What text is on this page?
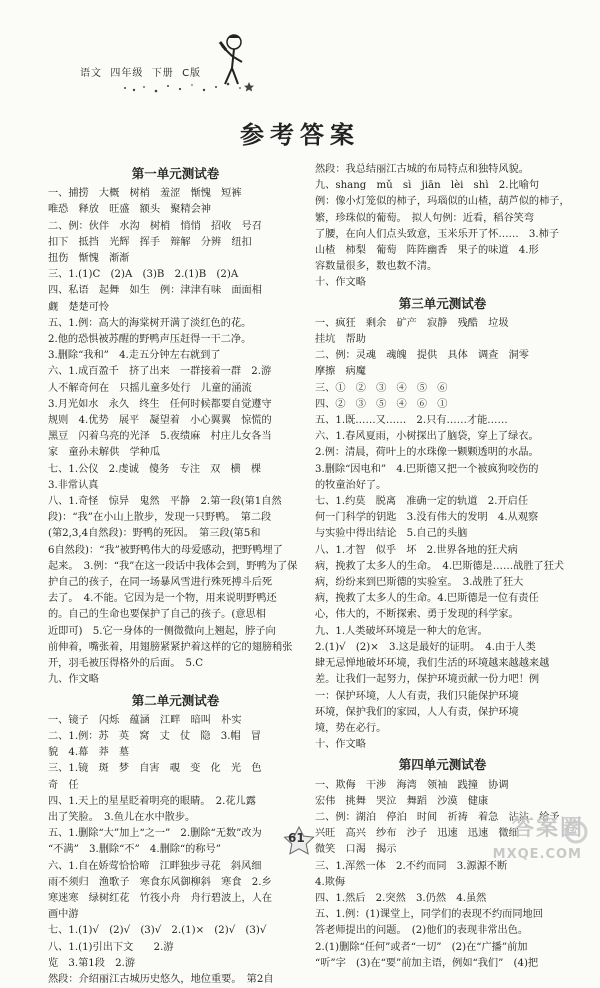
语文 四年级 下册 C版
参考答案
第一单元测试卷
一、捕捞　大概　树梢　羞涩　惭愧　短裤
唯恐　释放　旺盛　额头　聚精会神
二、例：伙伴　水沟　树梢　悄悄　招收　号召
扣下　抵挡　光辉　挥手　辩解　分辨　纽扣
扭伤　惭愧　渐渐
三、1.(1)C　(2)A　(3)B　2.(1)B　(2)A
四、私语　起舞　如生　例：津津有味　面面相
觑　楚楚可怜
五、1.例：高大的海棠树开满了淡红色的花。
2.他的恐惧被苏醒的野鸭声压赶得一干二净。
3.删除“我和”　4.走五分钟左右就到了
六、1.成百盈千　挤了出来　一群接着一群　2.游
人不解奇何在　只摇儿童多处行　儿童的涌流
3.月光如水　永久　终生　任何时候都要自觉遵守
规则　4.优势　展平　凝望着　小心翼翼　惊慌的
黑豆　闪着乌亮的光泽　5.夜绩麻　村庄儿女各当
家　童孙未解供　学种瓜
七、1.公仪　2.虔诚　傻务　专注　双　横　棵
3.非常认真
八、1.奇怪　惊异　鬼然　平静　2.第一段(第1自然
段)：“我”在小山上散步，发现一只野鸭。　第二段
(第2,3,4自然段)：野鸭的死因。　第三段(第5和
6自然段)：“我”被野鸭伟大的母爱感动，把野鸭埋了
起来。　3.例：“我”在这一段话中我体会到，野鸭为了保
护自己的孩子，在同一场暴风雪进行殊死搏斗后死
去了。　4.不能。它因为是一个物，用来说明野鸭还
的。自己的生命也要保护了自己的孩子。(意思相
近即可)　5.它一身体的一侧微微向上翘起，脖子向
前伸着，嘴张着，用翅膀紧紧护着这样的它的翅膀稍张
开，羽毛被压得格外的后面。　5.C
九、作文略
第二单元测试卷
一、镜子　闪烁　蕴涵　江畔　暗叫　朴实
二、1.例：苏　英　窝　丈　仗　隐　3.帽　冒
貌　4.幕　莽　墓
三、1.镜　斑　梦　自害　覗　变　化　光　色
奇　任
四、1.天上的星星眨着明亮的眼睛。　2.花儿露
出了笑脸。　3.鱼儿在水中散步。
五、1.删除“大”加上“之一”　2.删除“无数”改为
“不满”　3.删除“不”　4.删除“的称号”
六、1.自在娇莺恰恰啼　江畔独步寻花　斜风细
雨不须归　渔歌子　寒食东风御柳斜　寒食　2.乡
寒迷寒　绿树红花　竹筏小舟　舟行碧波上，人在
画中游
七、1.(1)√　(2)√　(3)√　2.(1)×　(2)√　(3)√
八、1.(1)引出下文　　2.游
览　3.第1段　2.游
然段：介绍丽江古城历史悠久，地位重要。　第2自
然段：我总结丽江古城的布局特点和独特风貌。
九、shang　mǔ　sì　jiān　lèi　shì　2.比喻句
例：像小灯笼似的柿子，玛瑙似的山楂，葫芦似的柿子，
繁，珍珠似的葡萄。　拟人句例：近看，稻谷笑弯
了腰，在向人们点头致意，玉米乐开了怀……　3.柿子
山楂　柿梨　葡萄　阵阵幽香　果子的味道　4.形
容数量很多，数也数不清。
十、作文略
第三单元测试卷
一、疯狂　剩余　矿产　寂静　残酷　垃圾
挂坑　帮助
二、例：灵魂　魂魄　提供　具体　调查　洞零
摩擦　病魔
三、①　②　③　④　⑤　⑥
四、②　③　⑤　④　⑥　①
五、1.既……又……　2.只有……才能……
六、1.春风夏雨，小树探出了脑袋，穿上了绿衣。
2.例：清晨，荷叶上的水珠像一颗颗透明的水晶。
3.删除“因电和”　4.巴斯德又把一个被疯狗咬伤的
的牧童治好了。
七、1.约莫　脱离　准确一定的轨道　2.开启任
何一门科学的钥匙　3.没有伟大的发明　4.从观察
与实验中得出结论　5.自己的头脑
八、1.才智　似乎　坏　2.世界各地的狂犬病
病，挽救了太多人的生命。　4.巴斯德是……战胜了狂犬
病，纷纷来到巴斯德的实验室。　3.战胜了狂大
病，挽救了太多人的生命。4.巴斯德是一位有责任
心，伟大的，不断探索、勇于发现的科学家。
九、1.人类破坏环境是一种大的危害。
2.(1)√　(2)×　3.这是最好的证明。　4.由于人类
肆无忌惮地破坏环境，我们生活的环境越来越越来越
差。让我们一起努力，保护环境贡献一份力吧！例
一：保护环境，人人有责，我们只能保护环境
环境，保护我们的家园，人人有责，保护环境
境，势在必行。
十、作文略
第四单元测试卷
一、欺侮　干涉　海湾　领袖　践撞　协调
宏伟　挑舞　哭泣　舞蹈　沙漠　健康
二、例：湖泊　停泊　时间　祈祷　着急　沾沾　给予
兴旺　高兴　纱布　沙子　迅速　迅速　微细
微笑　口渴　揭示
三、1.浑然一体　2.不约而同　3.源源不断
4.欺侮
四、1.然后　2.突然　3.仍然　4.虽然
五、1.例：(1)课堂上，同学们的表现不约而同地回
答老师提出的问题。　(2)他们的表现非常出色。
2.(1)删除“任何”或者“一切”　(2)在“广播”前加
“听”字　(3)在“要”前加主语，例如“我们”　(4)把
61	答案圈
MXQE.COM
